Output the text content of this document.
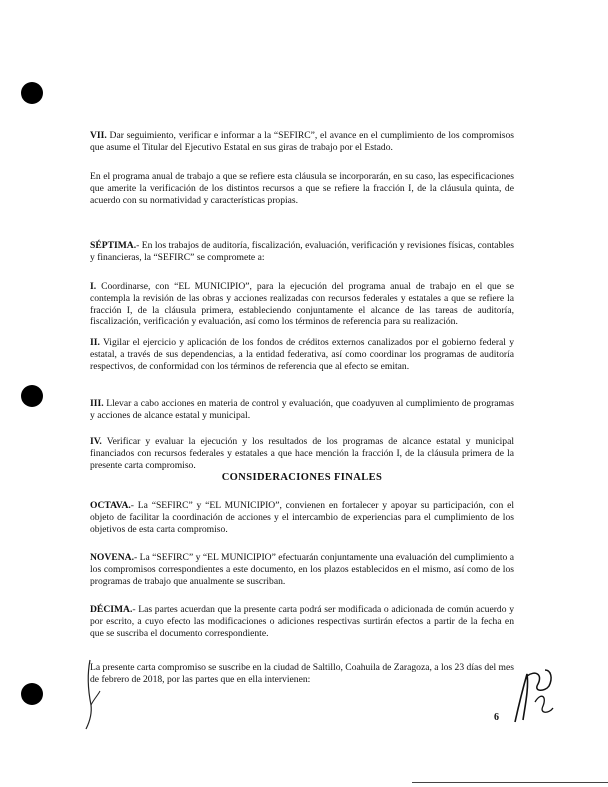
VII. Dar seguimiento, verificar e informar a la “SEFIRC”, el avance en el cumplimiento de los compromisos que asume el Titular del Ejecutivo Estatal en sus giras de trabajo por el Estado.

En el programa anual de trabajo a que se refiere esta cláusula se incorporarán, en su caso, las especificaciones que amerite la verificación de los distintos recursos a que se refiere la fracción I, de la cláusula quinta, de acuerdo con su normatividad y características propias.

SÉPTIMA.- En los trabajos de auditoría, fiscalización, evaluación, verificación y revisiones físicas, contables y financieras, la “SEFIRC” se compromete a:

I. Coordinarse, con “EL MUNICIPIO”, para la ejecución del programa anual de trabajo en el que se contempla la revisión de las obras y acciones realizadas con recursos federales y estatales a que se refiere la fracción I, de la cláusula primera, estableciendo conjuntamente el alcance de las tareas de auditoría, fiscalización, verificación y evaluación, así como los términos de referencia para su realización.

II. Vigilar el ejercicio y aplicación de los fondos de créditos externos canalizados por el gobierno federal y estatal, a través de sus dependencias, a la entidad federativa, así como coordinar los programas de auditoría respectivos, de conformidad con los términos de referencia que al efecto se emitan.

III. Llevar a cabo acciones en materia de control y evaluación, que coadyuven al cumplimiento de programas y acciones de alcance estatal y municipal.

IV. Verificar y evaluar la ejecución y los resultados de los programas de alcance estatal y municipal financiados con recursos federales y estatales a que hace mención la fracción I, de la cláusula primera de la presente carta compromiso.

CONSIDERACIONES FINALES

OCTAVA.- La “SEFIRC” y “EL MUNICIPIO”, convienen en fortalecer y apoyar su participación, con el objeto de facilitar la coordinación de acciones y el intercambio de experiencias para el cumplimiento de los objetivos de esta carta compromiso.

NOVENA.- La “SEFIRC” y “EL MUNICIPIO” efectuarán conjuntamente una evaluación del cumplimiento a los compromisos correspondientes a este documento, en los plazos establecidos en el mismo, así como de los programas de trabajo que anualmente se suscriban.

DÉCIMA.- Las partes acuerdan que la presente carta podrá ser modificada o adicionada de común acuerdo y por escrito, a cuyo efecto las modificaciones o adiciones respectivas surtirán efectos a partir de la fecha en que se suscriba el documento correspondiente.

La presente carta compromiso se suscribe en la ciudad de Saltillo, Coahuila de Zaragoza, a los 23 días del mes de febrero de 2018, por las partes que en ella intervienen:

6
